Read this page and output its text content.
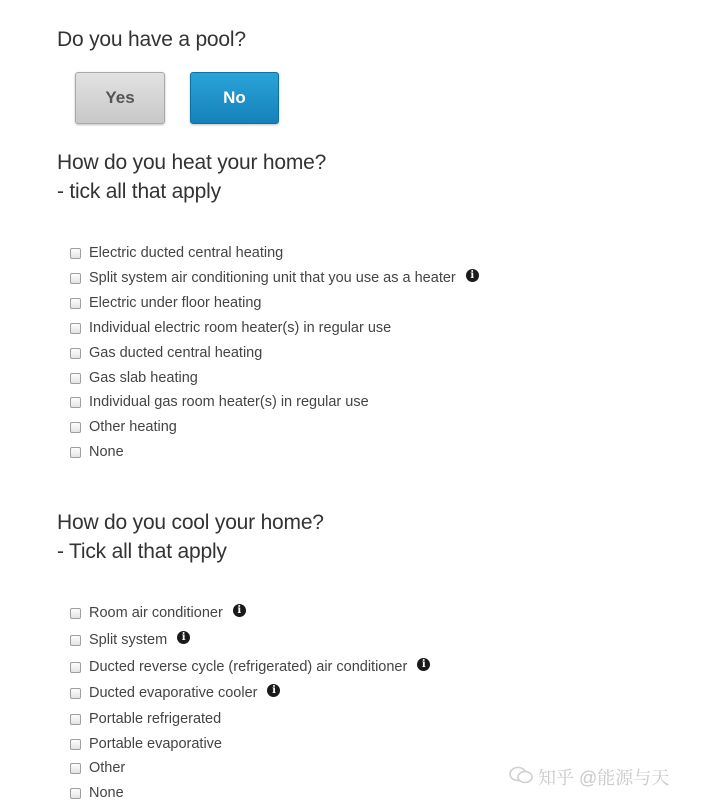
Do you have a pool?
Yes	No
How do you heat your home?
- tick all that apply
Electric ducted central heating
Split system air conditioning unit that you use as a heater	i
Electric under floor heating
Individual electric room heater(s) in regular use
Gas ducted central heating
Gas slab heating
Individual gas room heater(s) in regular use
Other heating
None
How do you cool your home?
- Tick all that apply
Room air conditioner	i
Split system	i
Ducted reverse cycle (refrigerated) air conditioner	i
Ducted evaporative cooler	i
Portable refrigerated
Portable evaporative
Other
None
知乎 @能源与天
